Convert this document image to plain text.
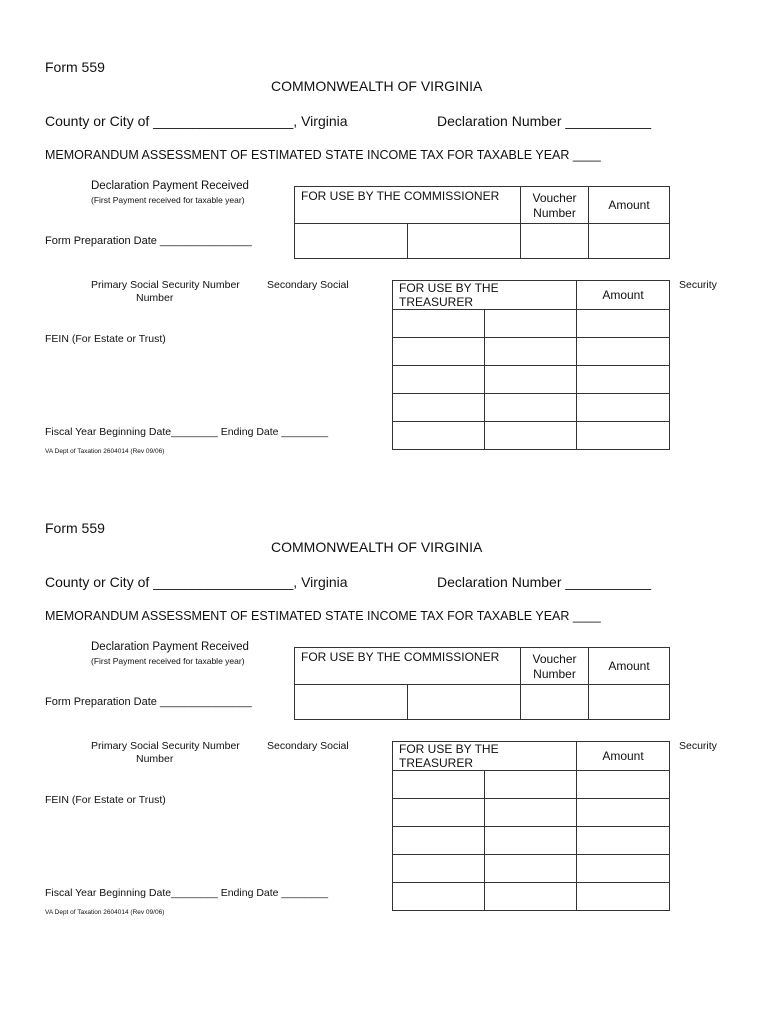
Form 559
COMMONWEALTH OF VIRGINIA
County or City of __________________, Virginia	Declaration Number ___________
MEMORANDUM ASSESSMENT OF ESTIMATED STATE INCOME TAX FOR TAXABLE YEAR ____
Declaration Payment Received
(First Payment received for taxable year)
Form Preparation Date _______________
FOR USE BY THE COMMISSIONER		Voucher Number	Amount

Primary Social Security Number
Number
Secondary Social	Security
FOR USE BY THE TREASURER		Amount

FEIN (For Estate or Trust)
Fiscal Year Beginning Date________ Ending Date ________
VA Dept of Taxation 2604014 (Rev 09/06)
Form 559
COMMONWEALTH OF VIRGINIA
County or City of __________________, Virginia	Declaration Number ___________
MEMORANDUM ASSESSMENT OF ESTIMATED STATE INCOME TAX FOR TAXABLE YEAR ____
Declaration Payment Received
(First Payment received for taxable year)
Form Preparation Date _______________
FOR USE BY THE COMMISSIONER		Voucher Number	Amount

Primary Social Security Number
Number
Secondary Social	Security
FOR USE BY THE TREASURER		Amount

FEIN (For Estate or Trust)
Fiscal Year Beginning Date________ Ending Date ________
VA Dept of Taxation 2604014 (Rev 09/06)
